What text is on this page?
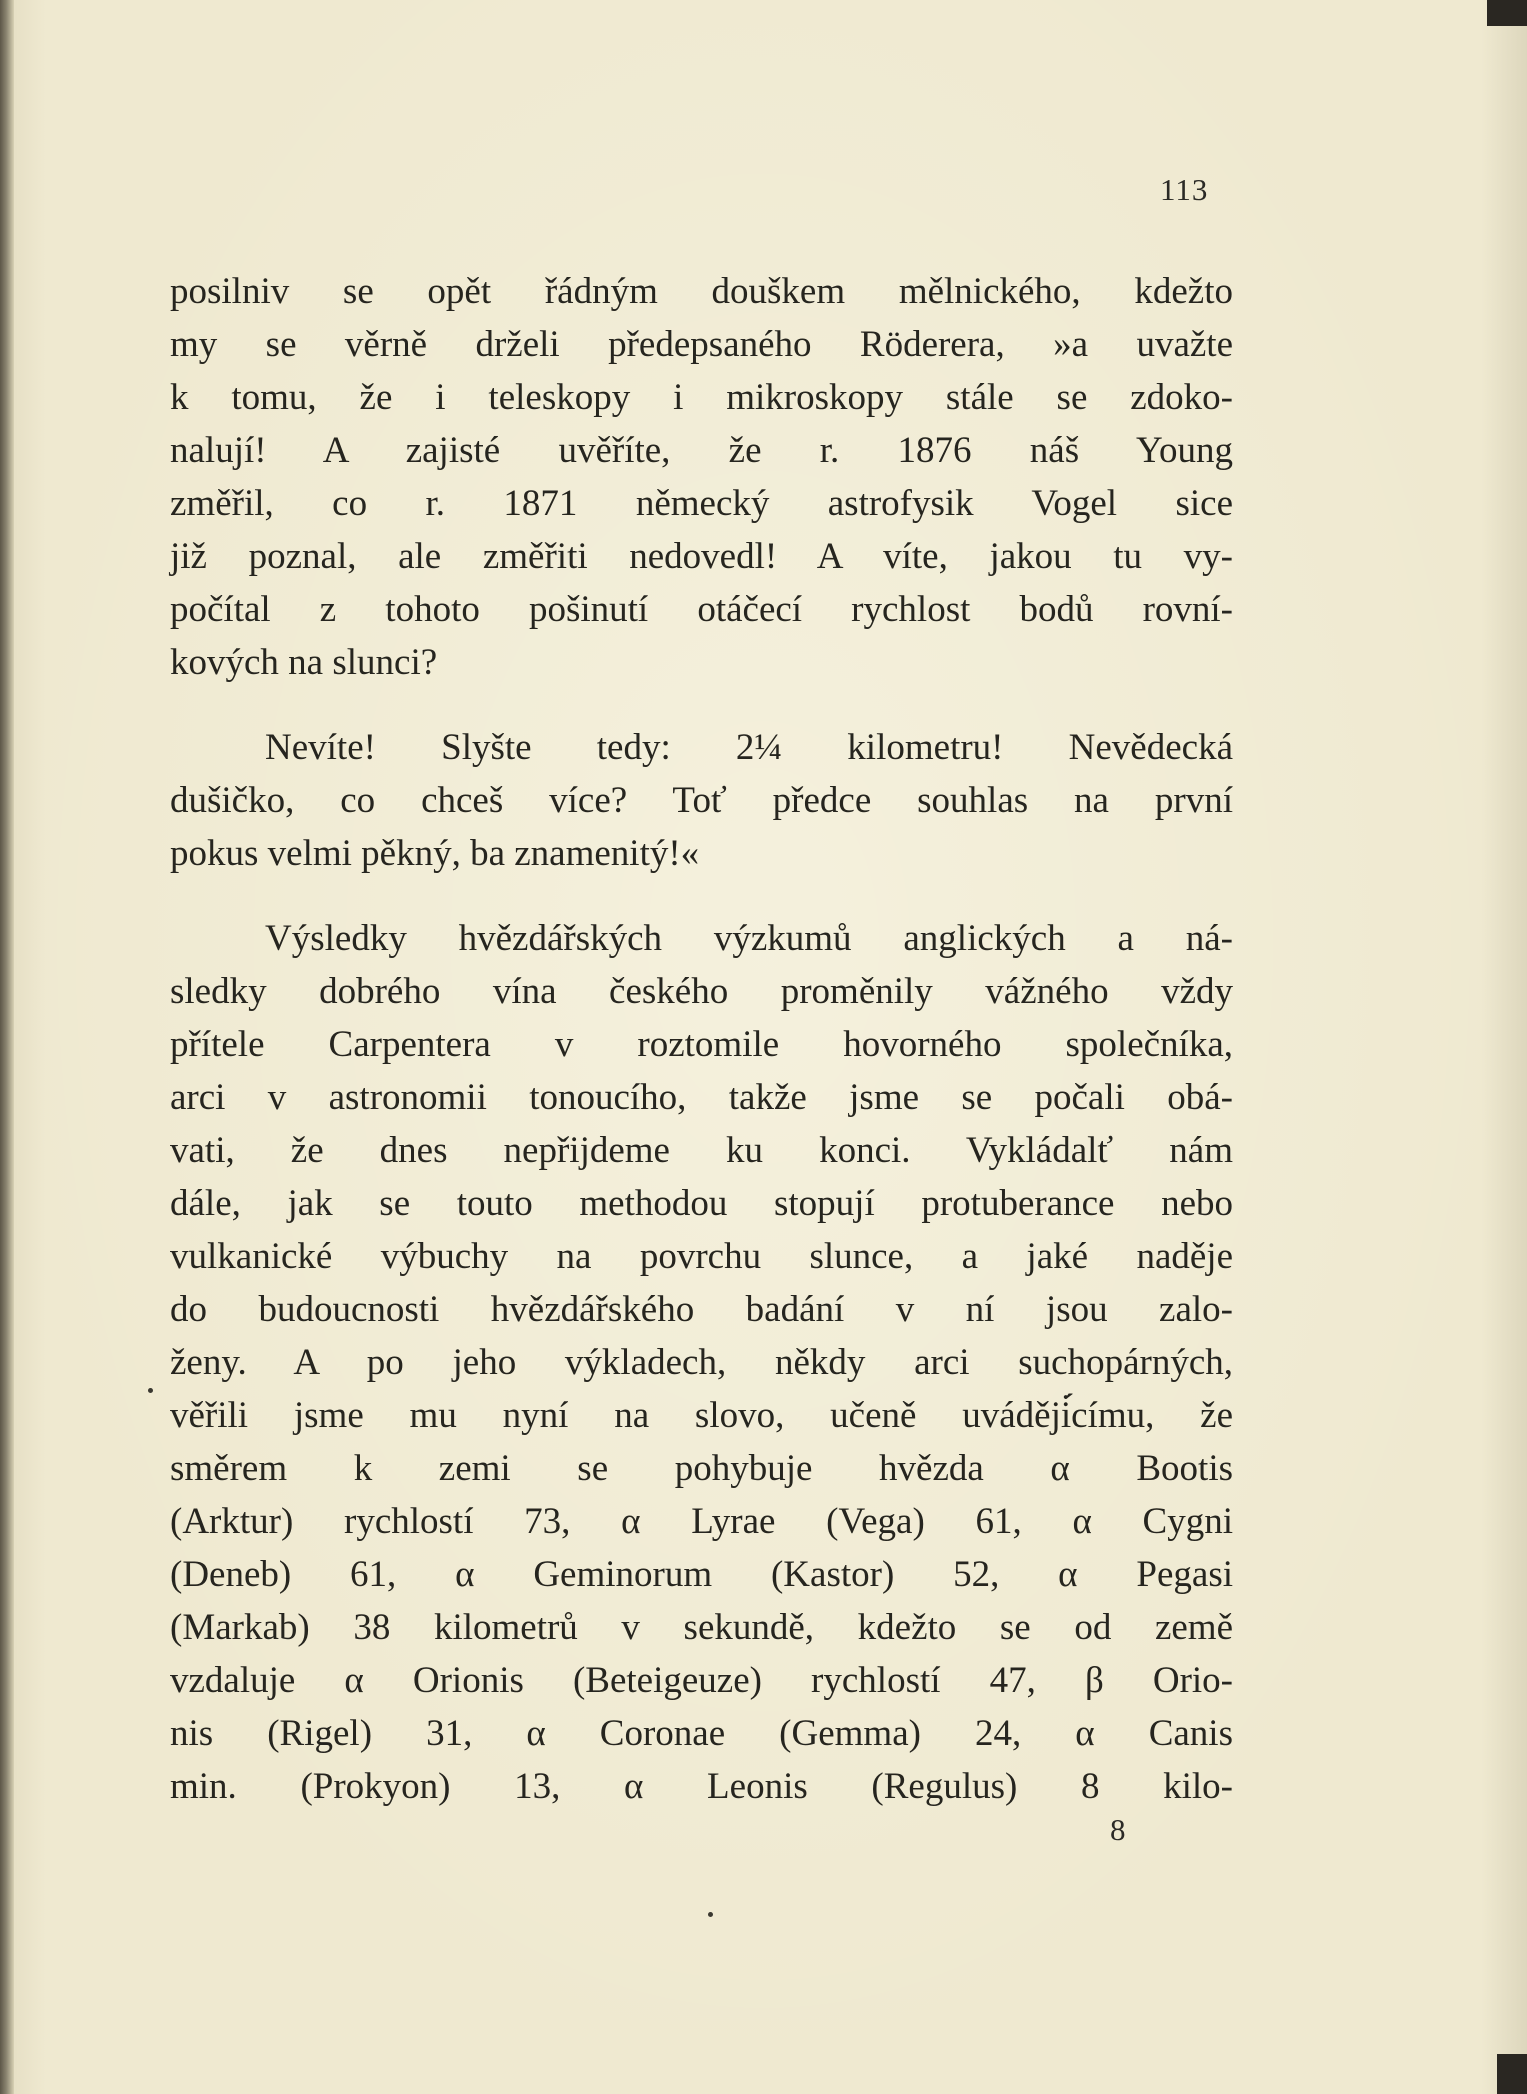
113
posilniv se opět řádným douškem mělnického, kdežto
my se věrně drželi předepsaného Röderera, »a uvažte
k tomu, že i teleskopy i mikroskopy stále se zdoko-
nalují! A zajisté uvěříte, že r. 1876 náš Young
změřil, co r. 1871 německý astrofysik Vogel sice
již poznal, ale změřiti nedovedl! A víte, jakou tu vy-
počítal z tohoto pošinutí otáčecí rychlost bodů rovní-
kových na slunci?
Nevíte! Slyšte tedy: 2¼ kilometru! Nevědecká
dušičko, co chceš více? Toť předce souhlas na první
pokus velmi pěkný, ba znamenitý!«
Výsledky hvězdářských výzkumů anglických a ná-
sledky dobrého vína českého proměnily vážného vždy
přítele Carpentera v roztomile hovorného společníka,
arci v astronomii tonoucího, takže jsme se počali obá-
vati, že dnes nepřijdeme ku konci. Vykládalť nám
dále, jak se touto methodou stopují protuberance nebo
vulkanické výbuchy na povrchu slunce, a jaké naděje
do budoucnosti hvězdářského badání v ní jsou zalo-
ženy. A po jeho výkladech, někdy arci suchopárných,
věřili jsme mu nyní na slovo, učeně uváději̇́címu, že
směrem k zemi se pohybuje hvězda α Bootis
(Arktur) rychlostí 73, α Lyrae (Vega) 61, α Cygni
(Deneb) 61, α Geminorum (Kastor) 52, α Pegasi
(Markab) 38 kilometrů v sekundě, kdežto se od země
vzdaluje α Orionis (Beteigeuze) rychlostí 47, β Orio-
nis (Rigel) 31, α Coronae (Gemma) 24, α Canis
min. (Prokyon) 13, α Leonis (Regulus) 8 kilo-
8
